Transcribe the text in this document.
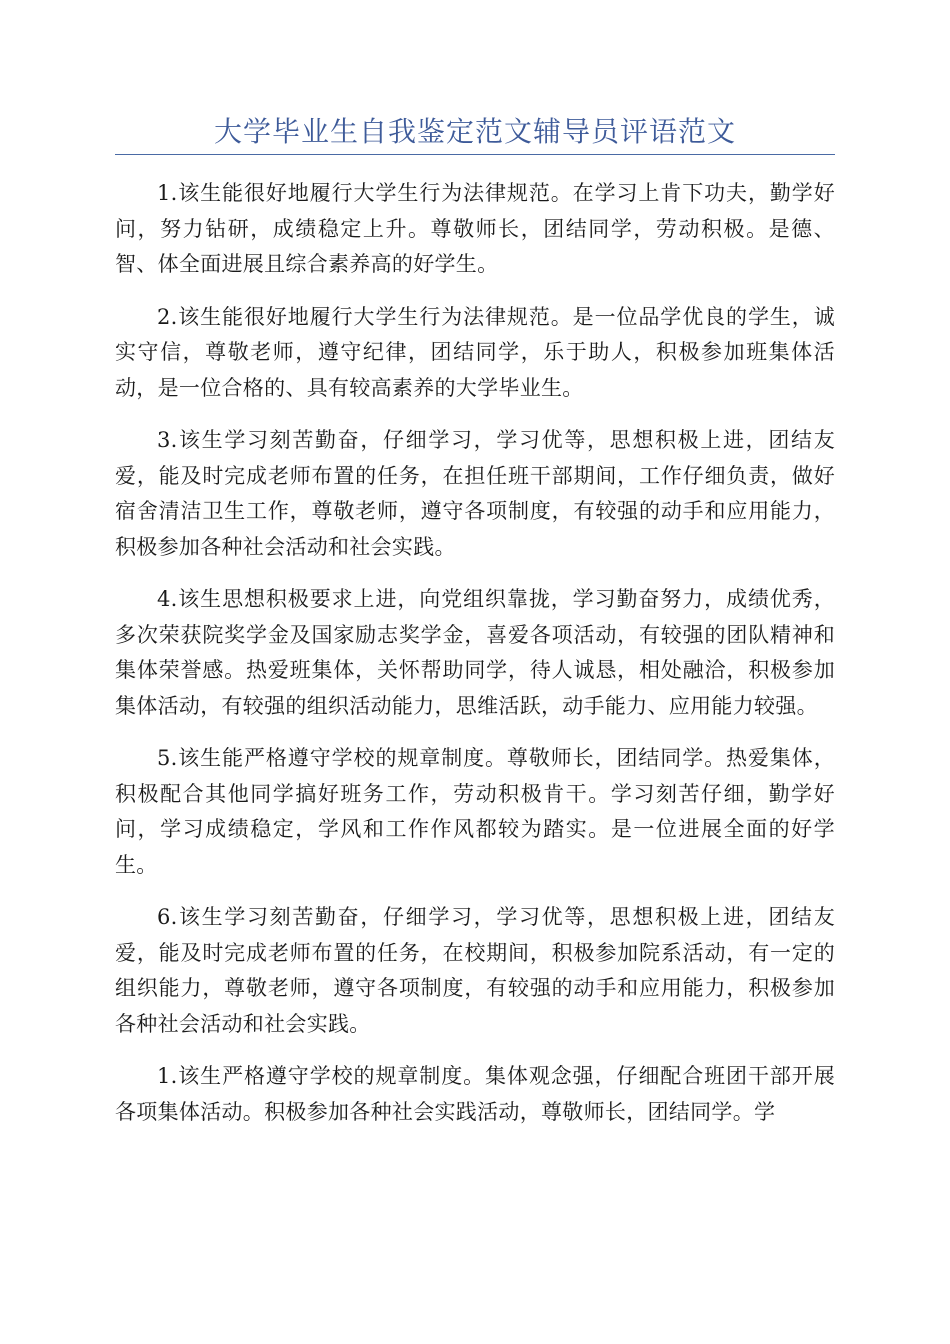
大学毕业生自我鉴定范文辅导员评语范文

1.该生能很好地履行大学生行为法律规范。在学习上肯下功夫，勤学好问，努力钻研，成绩稳定上升。尊敬师长，团结同学，劳动积极。是德、智、体全面进展且综合素养高的好学生。

2.该生能很好地履行大学生行为法律规范。是一位品学优良的学生，诚实守信，尊敬老师，遵守纪律，团结同学，乐于助人，积极参加班集体活动，是一位合格的、具有较高素养的大学毕业生。

3.该生学习刻苦勤奋，仔细学习，学习优等，思想积极上进，团结友爱，能及时完成老师布置的任务，在担任班干部期间，工作仔细负责，做好宿舍清洁卫生工作，尊敬老师，遵守各项制度，有较强的动手和应用能力，积极参加各种社会活动和社会实践。

4.该生思想积极要求上进，向党组织靠拢，学习勤奋努力，成绩优秀，多次荣获院奖学金及国家励志奖学金，喜爱各项活动，有较强的团队精神和集体荣誉感。热爱班集体，关怀帮助同学，待人诚恳，相处融洽，积极参加集体活动，有较强的组织活动能力，思维活跃，动手能力、应用能力较强。

5.该生能严格遵守学校的规章制度。尊敬师长，团结同学。热爱集体，积极配合其他同学搞好班务工作，劳动积极肯干。学习刻苦仔细，勤学好问，学习成绩稳定，学风和工作作风都较为踏实。是一位进展全面的好学生。

6.该生学习刻苦勤奋，仔细学习，学习优等，思想积极上进，团结友爱，能及时完成老师布置的任务，在校期间，积极参加院系活动，有一定的组织能力，尊敬老师，遵守各项制度，有较强的动手和应用能力，积极参加各种社会活动和社会实践。

1.该生严格遵守学校的规章制度。集体观念强，仔细配合班团干部开展各项集体活动。积极参加各种社会实践活动，尊敬师长，团结同学。学
